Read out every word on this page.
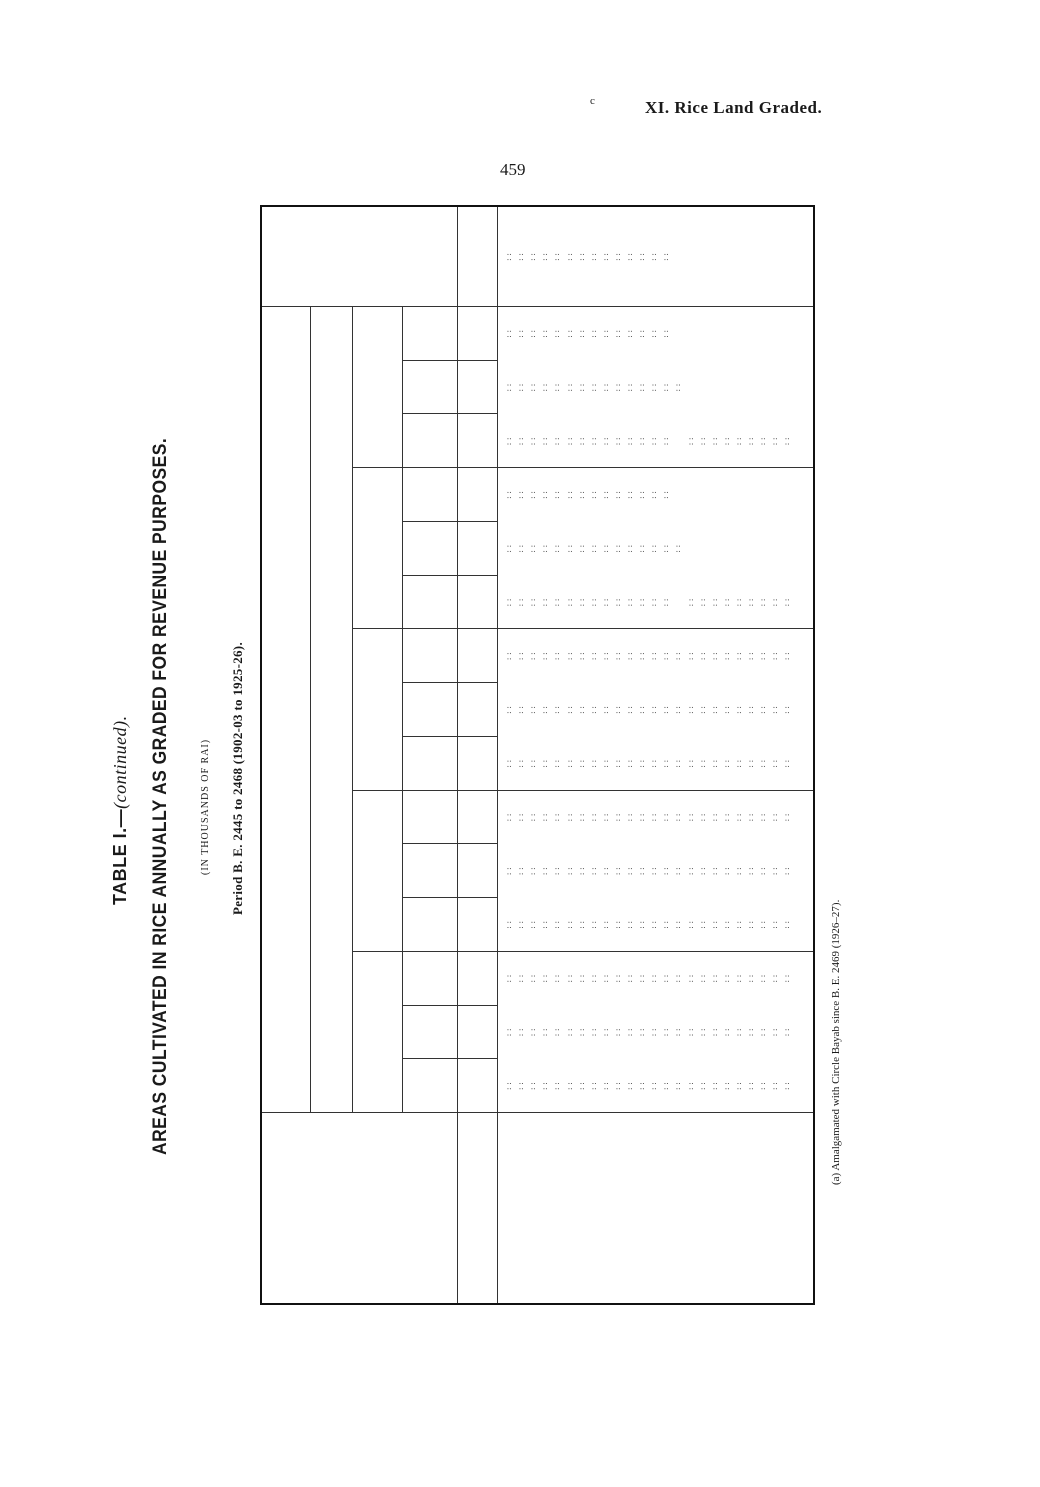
XI. Rice Land Graded.
c
459
TABLE I.—(continued). AREAS CULTIVATED IN RICE ANNUALLY AS GRADED FOR REVENUE PURPOSES.	(IN THOUSANDS OF RAI) Period B. E. 2445 to 2468 (1902-03 to 1925-26).
: : : : : : : : : : : : : : : : : : : : : : : : : : : : : : : : : : : : : : : : : : : : : : : :
: : : : : : : : : : : : : : : : : : : : : : : : : : : : : : : : : : : : : : : : : : : : : : : :
: : : : : : : : : : : : : : : : : : : : : : : : : : : : : : : : : : : : : : : : : : : : : : : :
: : : : : : : : : : : : : : : : : : : : : : : : : : : : : : : : : : : : : : : : : : : : : : : :
: : : : : : : : : : : : : : : : : : : : : : : : : : : : : : : : : : : : : : : : : : : : : : : :
: : : : : : : : : : : : : : : : : : : : : : : : : : : : : : : : : : : : : : : : : : : : : : : :
: : : : : : : : : : : : : : : : : : : : : : : : : : : : : : : : : : : : : : : : : : : : : : : :
: : : : : : : : : : : : : : : : : : : : : : : : : : : : : : : : : : : : : : : : : : : : : : : :
: : : : : : : : : : : : : : : : : : : : : : : : : : : : : : : : : : : : : : : : : : : : : : : :
: : : : : : : : : : : : : : : : : : : : : : : : : : : : : : : : : : : : : : : : : : : : : :
: : : : : : : : : : : : : : : : : : : : : : : : : : : : : :
: : : : : : : : : : : : : : : : : : : : : : : : : : : :
: : : : : : : : : : : : : : : : : : : : : : : : : : : : : : : : : : : : : : : : : : : : : :
: : : : : : : : : : : : : : : : : : : : : : : : : : : : : :
: : : : : : : : : : : : : : : : : : : : : : : : : : : :
: : : : : : : : : : : : : : : : : : : : : : : : : : : :
(a) Amalgamated with Circle Bayab since B. E. 2469 (1926–27).
